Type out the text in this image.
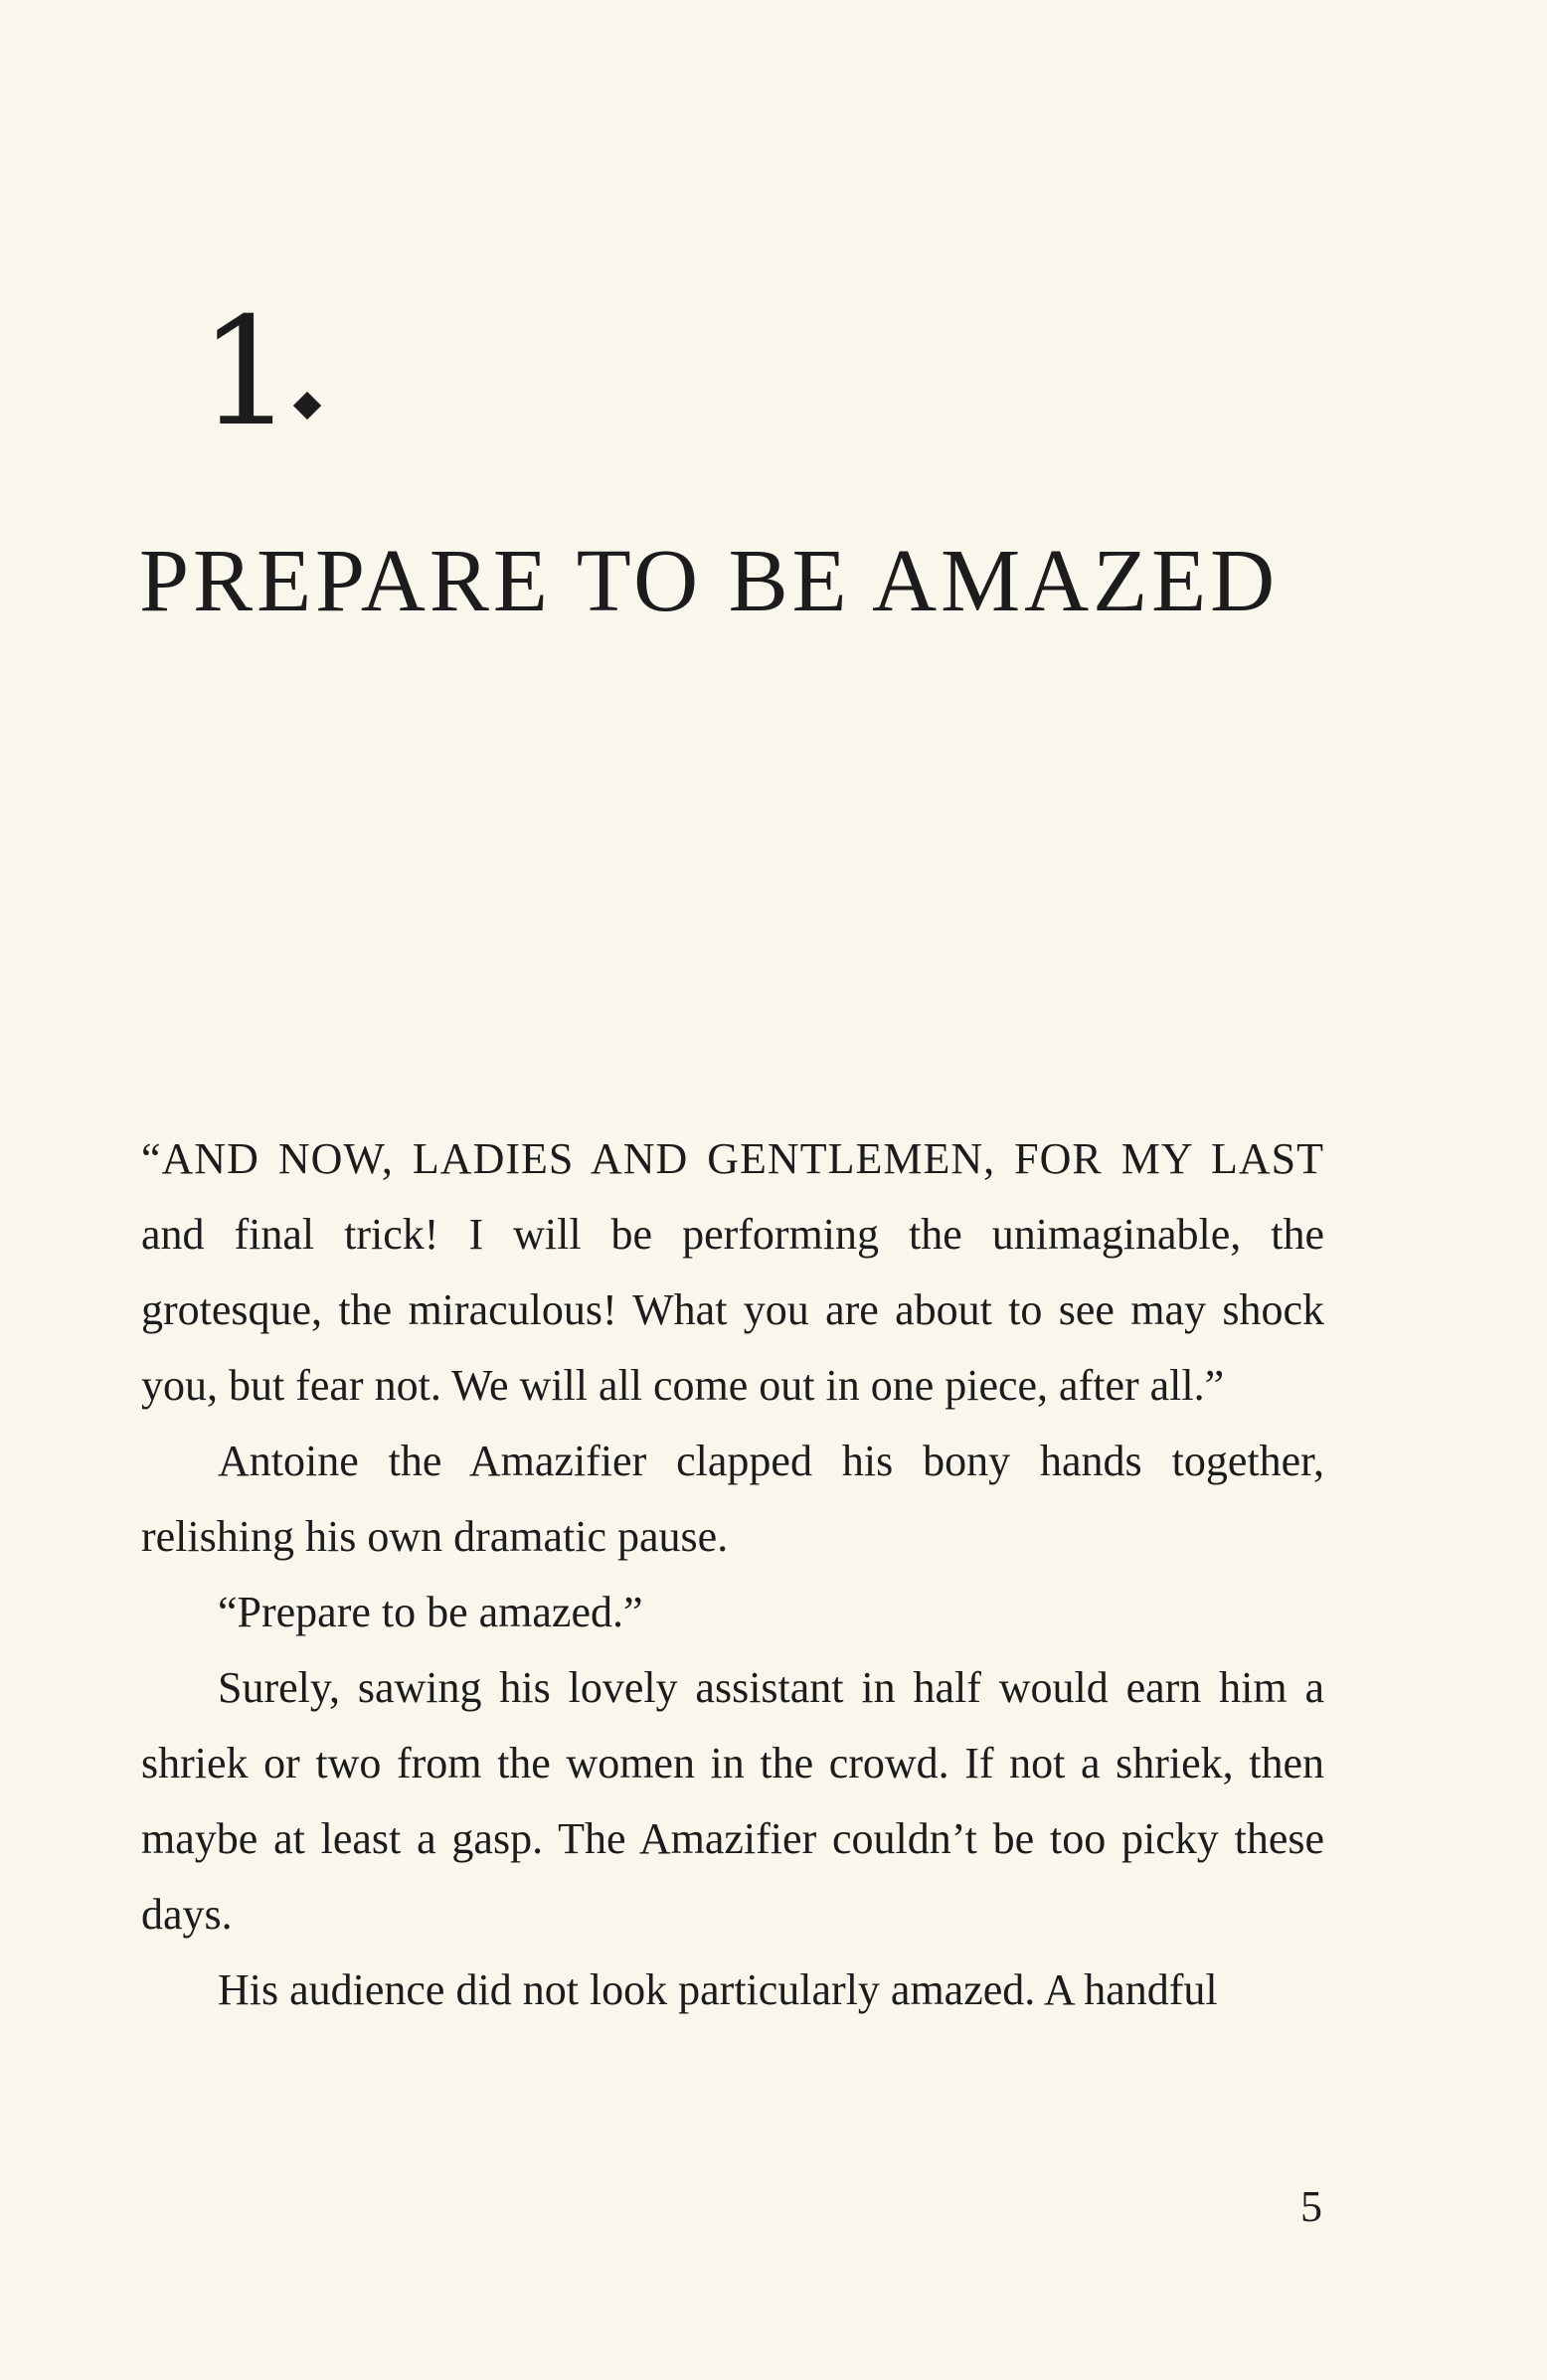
1
PREPARE TO BE AMAZED

“AND NOW, LADIES AND GENTLEMEN, FOR MY LAST and final trick! I will be performing the unimaginable, the grotesque, the miraculous! What you are about to see may shock you, but fear not. We will all come out in one piece, after all.”

Antoine the Amazifier clapped his bony hands together, relishing his own dramatic pause.

“Prepare to be amazed.”

Surely, sawing his lovely assistant in half would earn him a shriek or two from the women in the crowd. If not a shriek, then maybe at least a gasp. The Amazifier couldn’t be too picky these days.

His audience did not look particularly amazed. A handful

5
